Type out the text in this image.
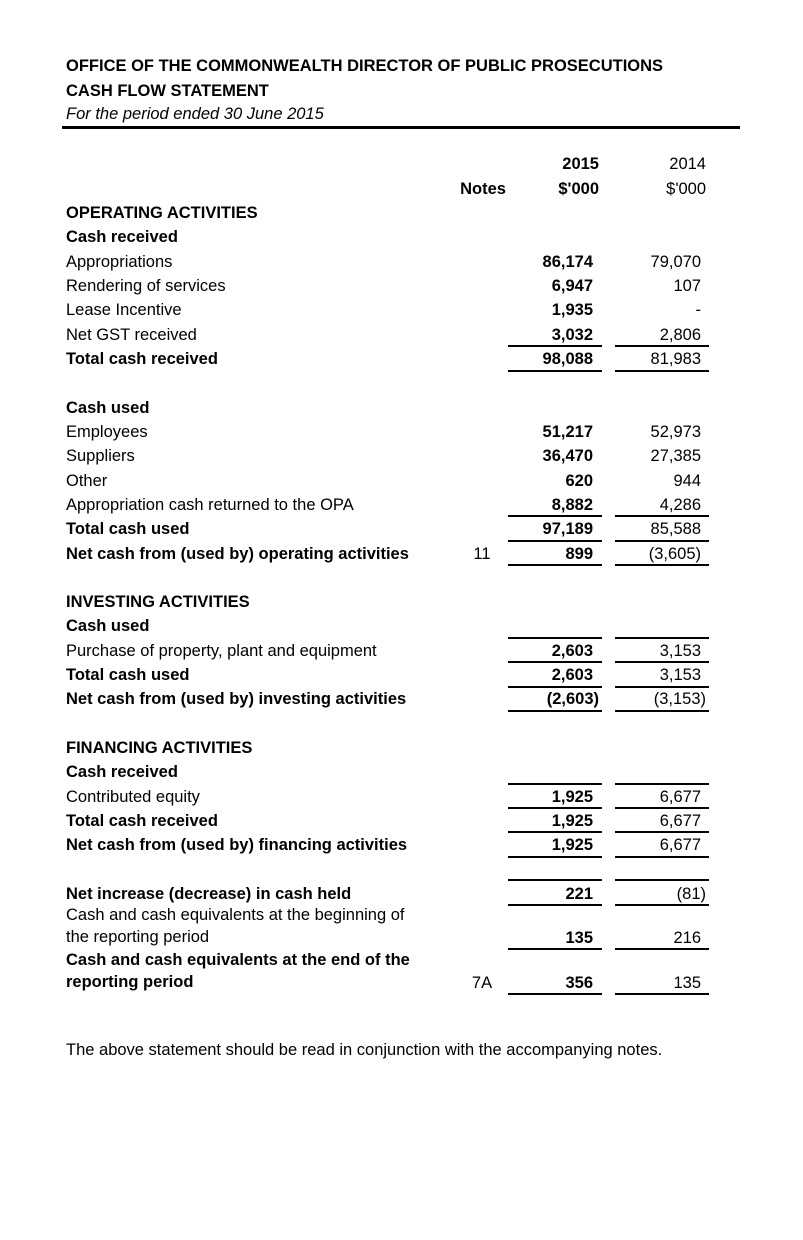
OFFICE OF THE COMMONWEALTH DIRECTOR OF PUBLIC PROSECUTIONS
CASH FLOW STATEMENT
For the period ended 30 June 2015
2015	2014
Notes	$'000	$'000
OPERATING ACTIVITIES
Cash received
Appropriations	86,174	79,070
Rendering of services	6,947	107
Lease Incentive	1,935	-
Net GST received	3,032	2,806
Total cash received	98,088	81,983
Cash used
Employees	51,217	52,973
Suppliers	36,470	27,385
Other	620	944
Appropriation cash returned to the OPA	8,882	4,286
Total cash used	97,189	85,588
Net cash from (used by) operating activities	11	899	(3,605)
INVESTING ACTIVITIES
Cash used
Purchase of property, plant and equipment	2,603	3,153
Total cash used	2,603	3,153
Net cash from (used by) investing activities	(2,603)	(3,153)
FINANCING ACTIVITIES
Cash received
Contributed equity	1,925	6,677
Total cash received	1,925	6,677
Net cash from (used by) financing activities	1,925	6,677
Net increase (decrease) in cash held	221	(81)
Cash and cash equivalents at the beginning of
the reporting period	135	216
Cash and cash equivalents at the end of the
reporting period	7A	356	135
The above statement should be read in conjunction with the accompanying notes.
